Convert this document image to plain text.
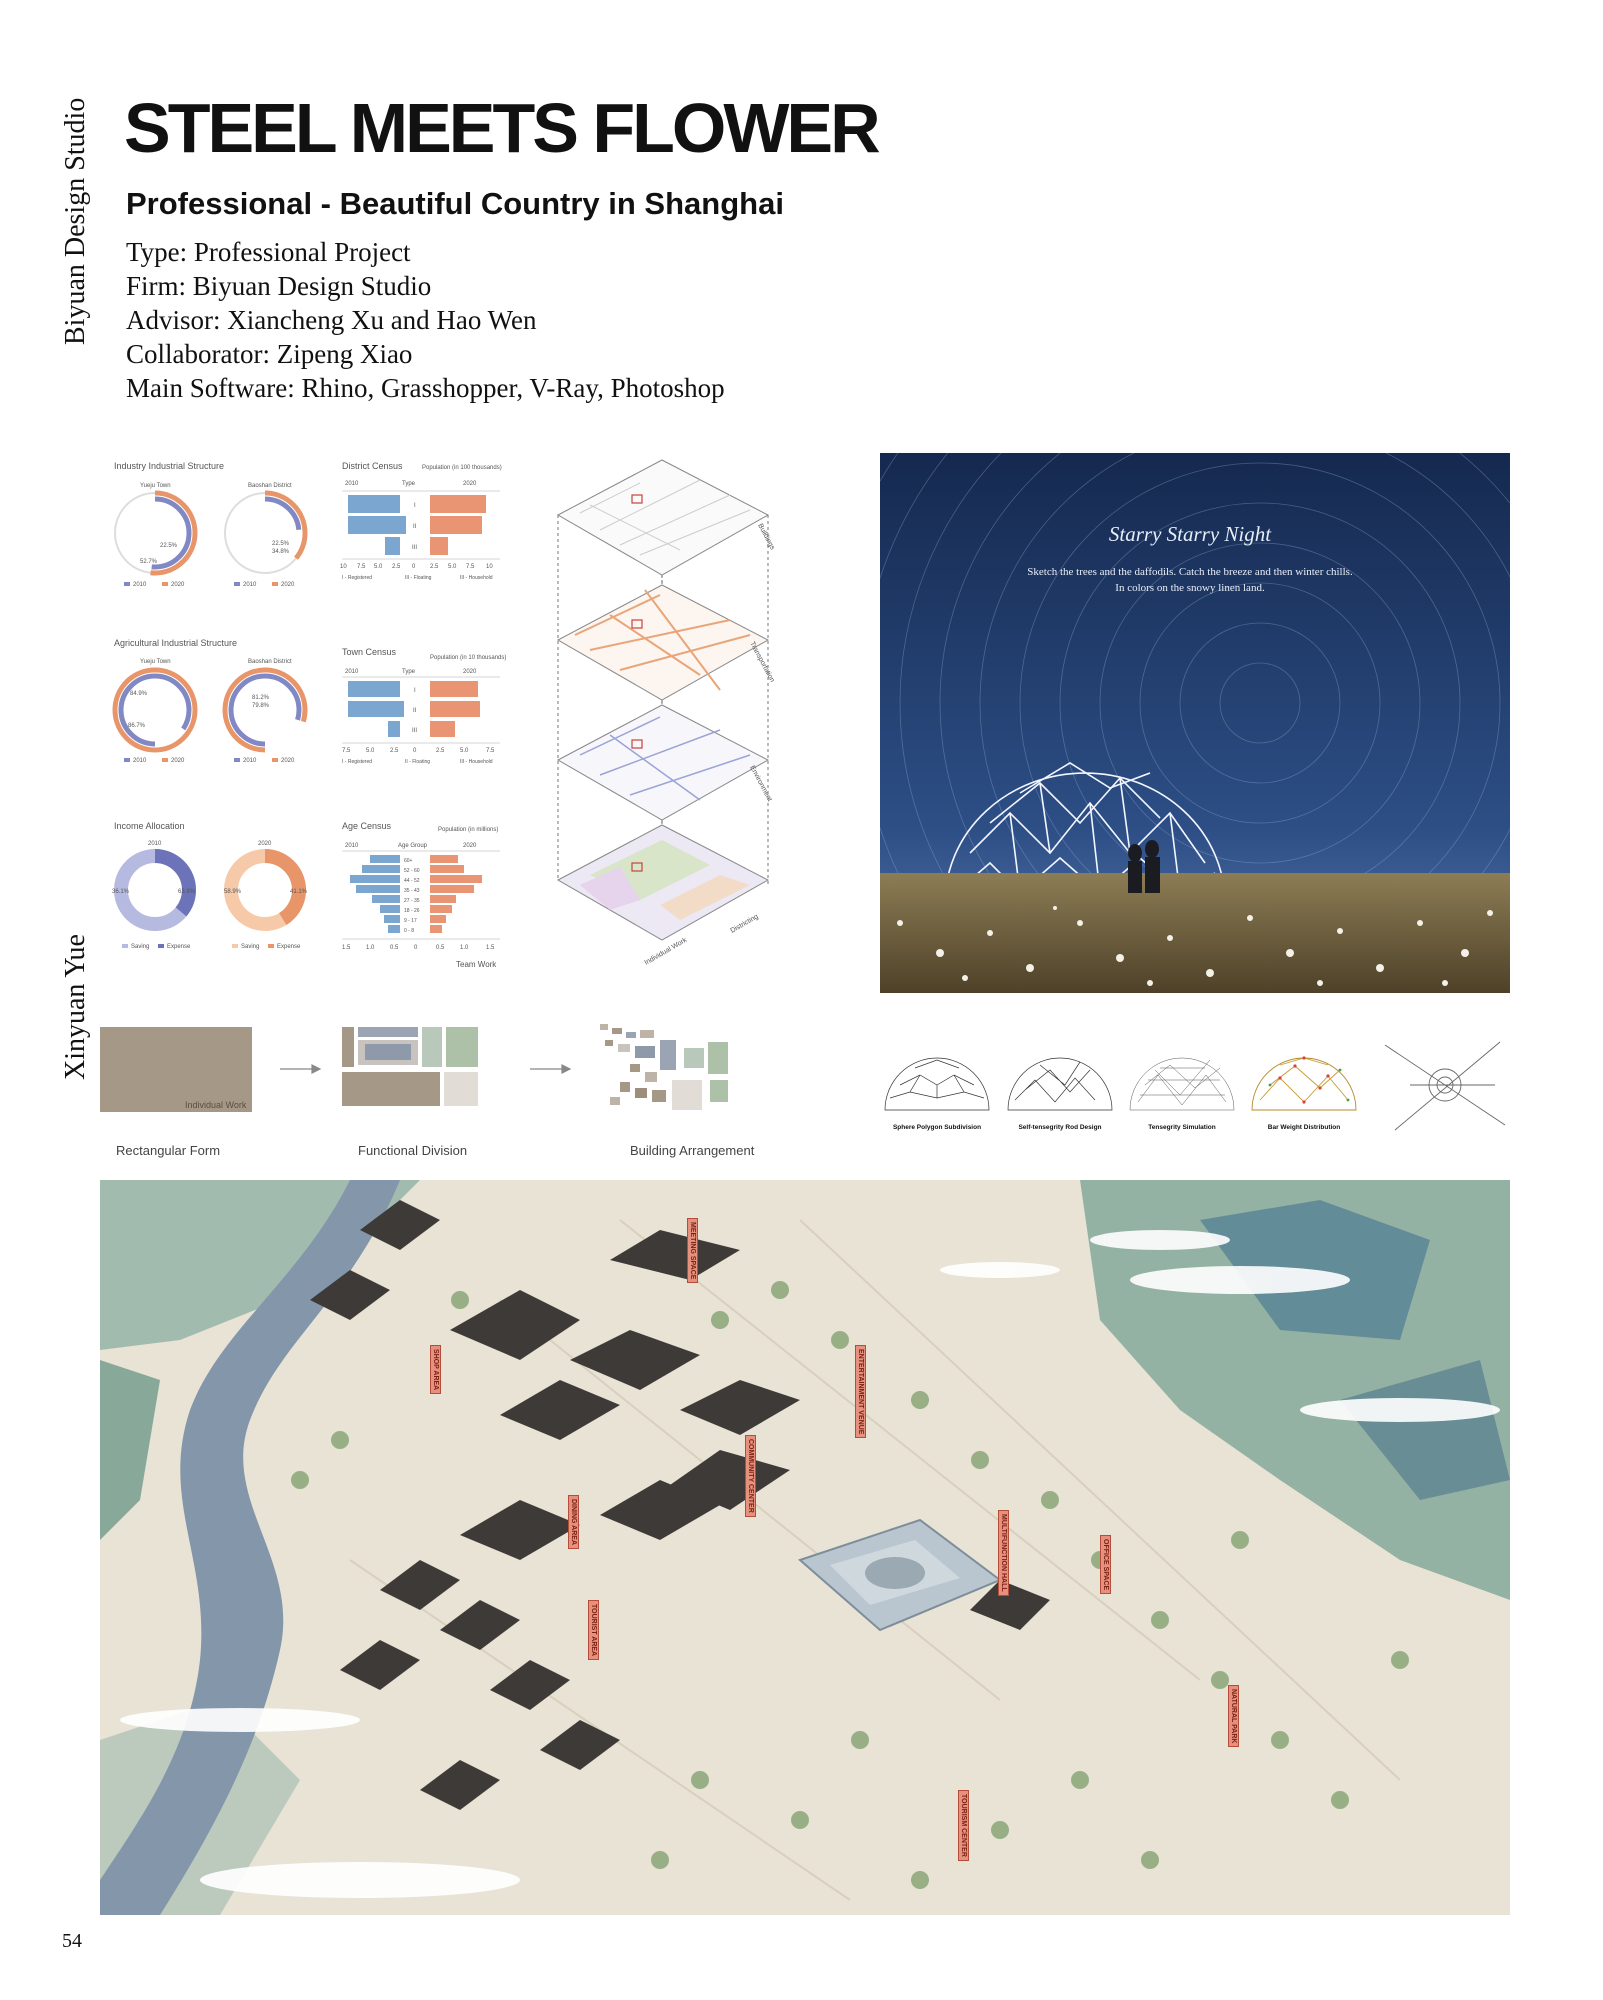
Biyuan Design Studio
Xinyuan Yue
STEEL MEETS FLOWER
Professional - Beautiful Country in Shanghai
Type: Professional Project
Firm: Biyuan Design Studio
Advisor: Xiancheng Xu and Hao Wen
Collaborator: Zipeng Xiao
Main Software: Rhino, Grasshopper, V-Ray, Photoshop
Industry Industrial Structure
Yueju Town	Baoshan District
22.5%
52.7%
22.5%
34.8%
2010	2020	2010	2020
District Census	Population (in 100 thousands)
2010	Type	2020
I
II
III
10 7.5 5.0 2.5 0 2.5 5.0 7.5 10
I - Registered	III - Floating	III - Household
Agricultural Industrial Structure
Yueju Town	Baoshan District
84.9%
86.7%
81.2%
79.8%
2010	2020	2010	2020
Town Census
Population (in 10 thousands)
2010	Type	2020
I
II
III
7.5	5.0	2.5 0	2.5	5.0	7.5
I - Registered	II - Floating	III - Household
Income Allocation
2010	2020
36.1%	63.9%	58.9%	41.1%
Saving	Expense	Saving	Expense
Age Census	Population (in millions)
2010	Age Group	2020
60+
52 - 60
44 - 52
35 - 43
27 - 35
18 - 26
9 - 17
0 - 8
1.5	1.0	0.5	0	0.5	1.0	1.5
Team Work
Buildings
Transportation
Environment
Districting
Individual Work
Starry Starry Night
Sketch the trees and the daffodils. Catch the breeze and then winter chills.
In colors on the snowy linen land.
Individual Work
Rectangular Form	Functional Division	Building Arrangement
Sphere Polygon Subdivision	Self-tensegrity Rod Design	Tensegrity Simulation	Bar Weight Distribution
MEETING SPACE
SHOP AREA	ENTERTAINMENT VENUE
COMMUNITY CENTER
DINING AREA
TOURIST AREA
MULTIFUNCTION HALL	OFFICE SPACE
NATURAL PARK
TOURISM CENTER
54
